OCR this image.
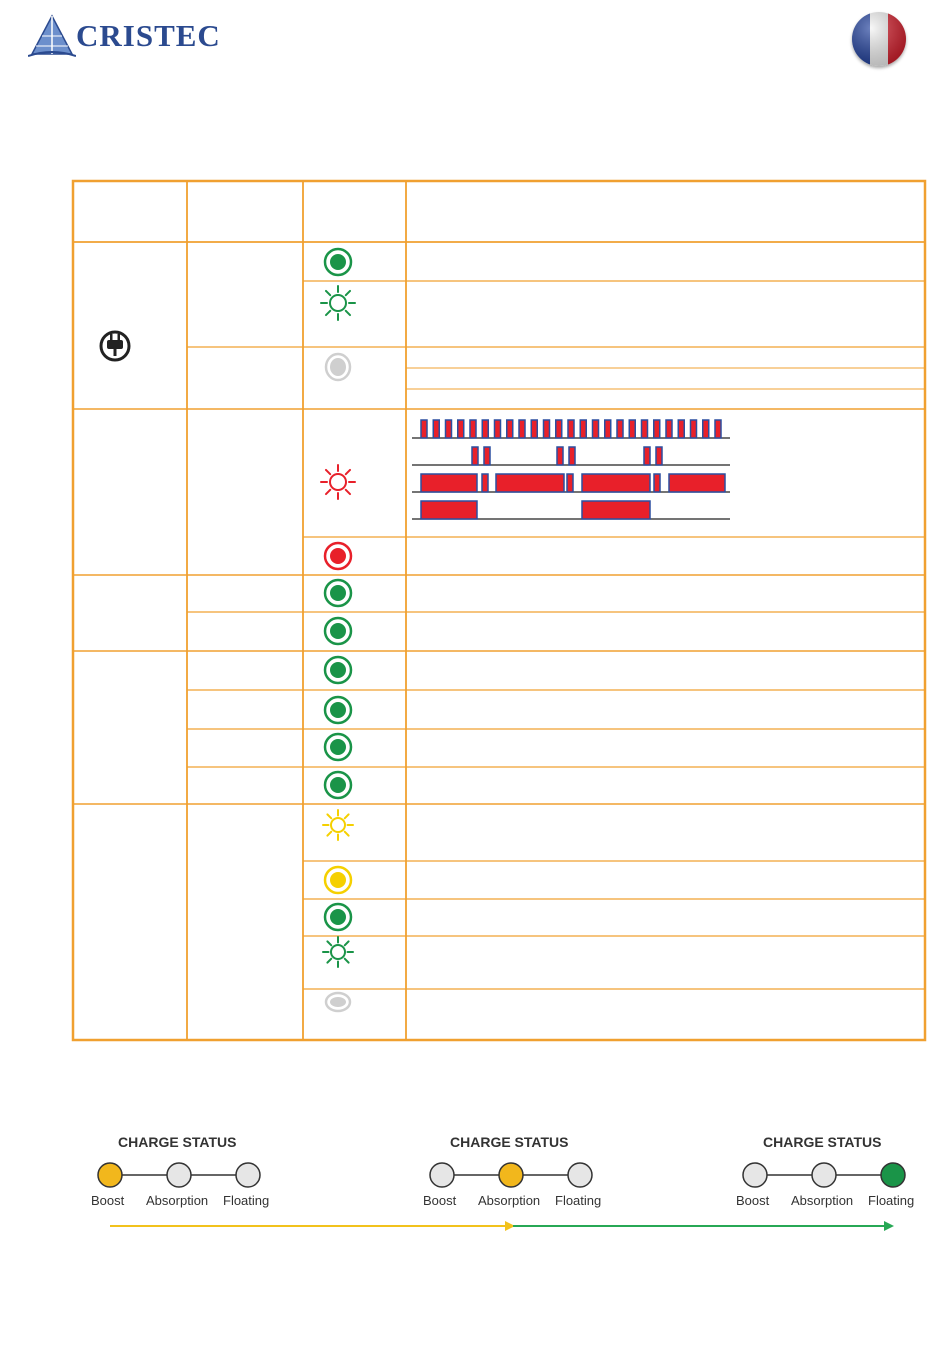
CRISTEC
CHARGE STATUS
Boost Absorption Floating
CHARGE STATUS
Boost Absorption Floating
CHARGE STATUS
Boost Absorption Floating
